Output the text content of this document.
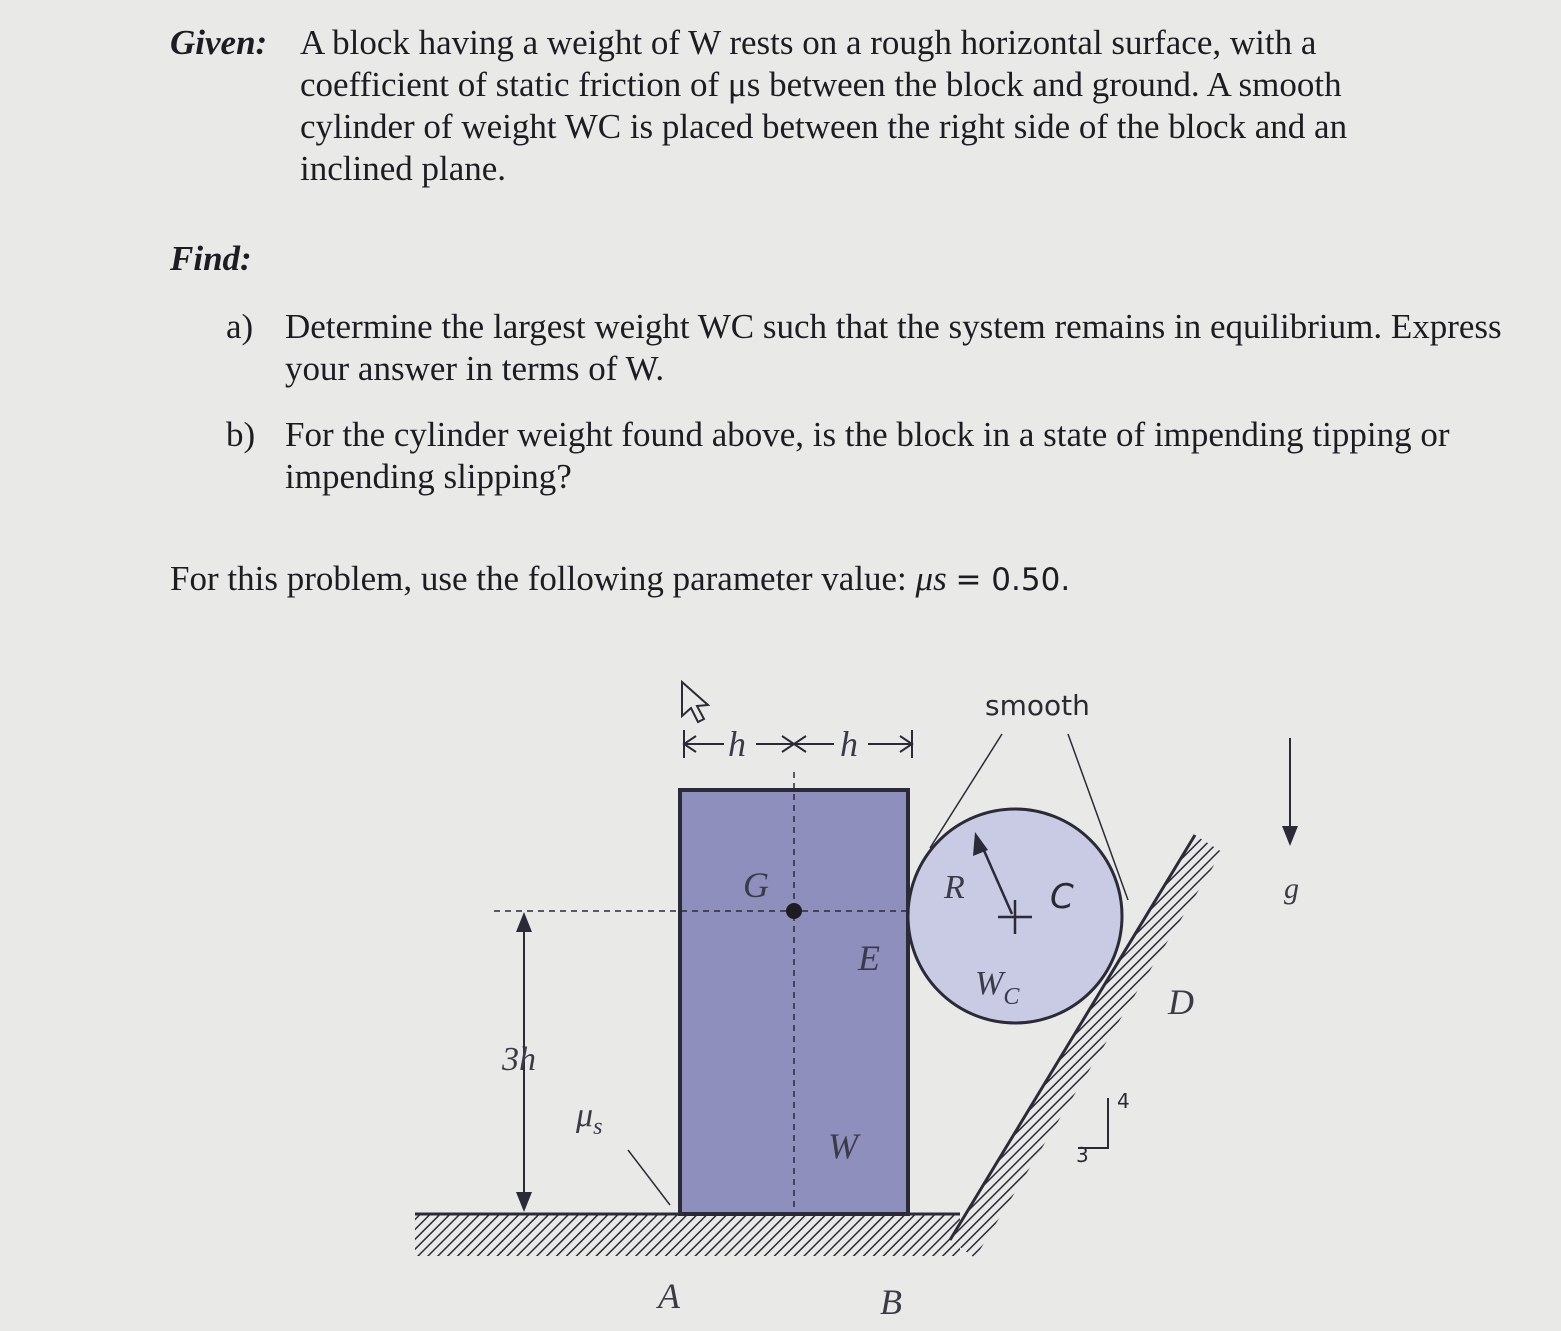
Given: A block having a weight of W rests on a rough horizontal surface, with a coefficient of static friction of μs between the block and ground. A smooth cylinder of weight WC is placed between the right side of the block and an inclined plane.
Find:
a) Determine the largest weight WC such that the system remains in equilibrium. Express your answer in terms of W.
b) For the cylinder weight found above, is the block in a state of impending tipping or impending slipping?
For this problem, use the following parameter value: μs = 0.50.
4
3
G
E
W
h	h
3h
$\mu_s$
R	C
$W_C$
smooth
D
g
A	B
